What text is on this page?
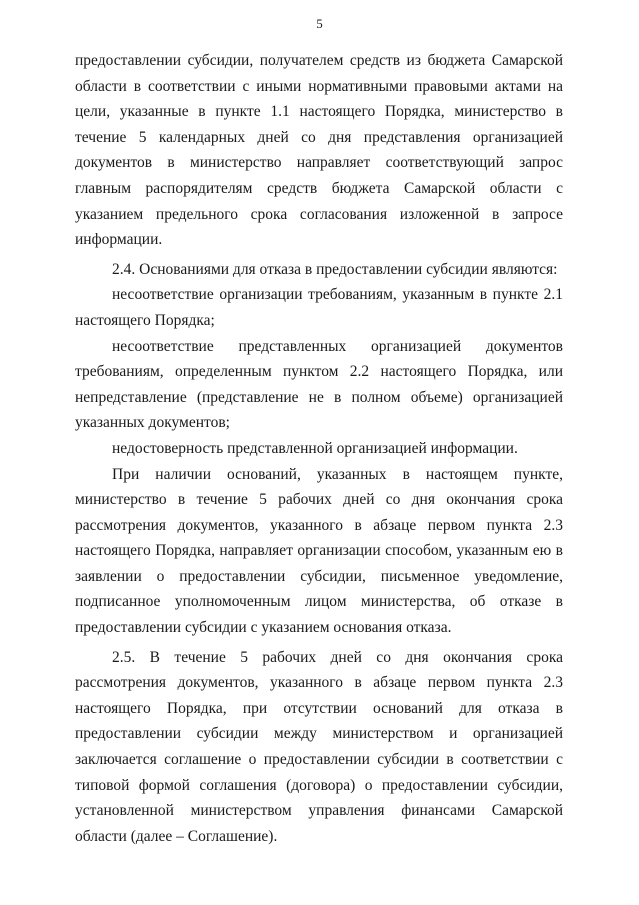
5

предоставлении субсидии, получателем средств из бюджета Самарской области в соответствии с иными нормативными правовыми актами на цели, указанные в пункте 1.1 настоящего Порядка, министерство в течение 5 календарных дней со дня представления организацией документов в министерство направляет соответствующий запрос главным распорядителям средств бюджета Самарской области с указанием предельного срока согласования изложенной в запросе информации.

2.4. Основаниями для отказа в предоставлении субсидии являются:

несоответствие организации требованиям, указанным в пункте 2.1 настоящего Порядка;

несоответствие представленных организацией документов требованиям, определенным пунктом 2.2 настоящего Порядка, или непредставление (представление не в полном объеме) организацией указанных документов;

недостоверность представленной организацией информации.

При наличии оснований, указанных в настоящем пункте, министерство в течение 5 рабочих дней со дня окончания срока рассмотрения документов, указанного в абзаце первом пункта 2.3 настоящего Порядка, направляет организации способом, указанным ею в заявлении о предоставлении субсидии, письменное уведомление, подписанное уполномоченным лицом министерства, об отказе в предоставлении субсидии с указанием основания отказа.

2.5. В течение 5 рабочих дней со дня окончания срока рассмотрения документов, указанного в абзаце первом пункта 2.3 настоящего Порядка, при отсутствии оснований для отказа в предоставлении субсидии между министерством и организацией заключается соглашение о предоставлении субсидии в соответствии с типовой формой соглашения (договора) о предоставлении субсидии, установленной министерством управления финансами Самарской области (далее – Соглашение).
